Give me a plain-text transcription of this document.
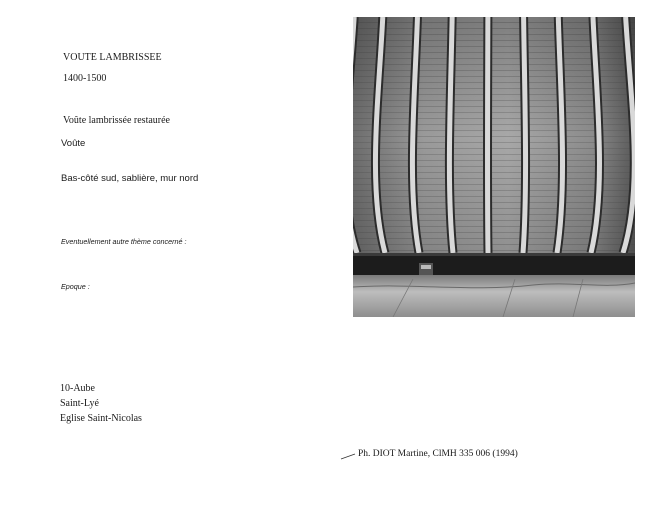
VOUTE LAMBRISSEE
1400-1500
Voûte lambrissée restaurée
Voûte
Bas-côté sud, sablière, mur nord
Eventuellement autre thème concerné :
Epoque :
10-Aube
Saint-Lyé
Eglise Saint-Nicolas
Ph. DIOT Martine, ClMH 335 006 (1994)
